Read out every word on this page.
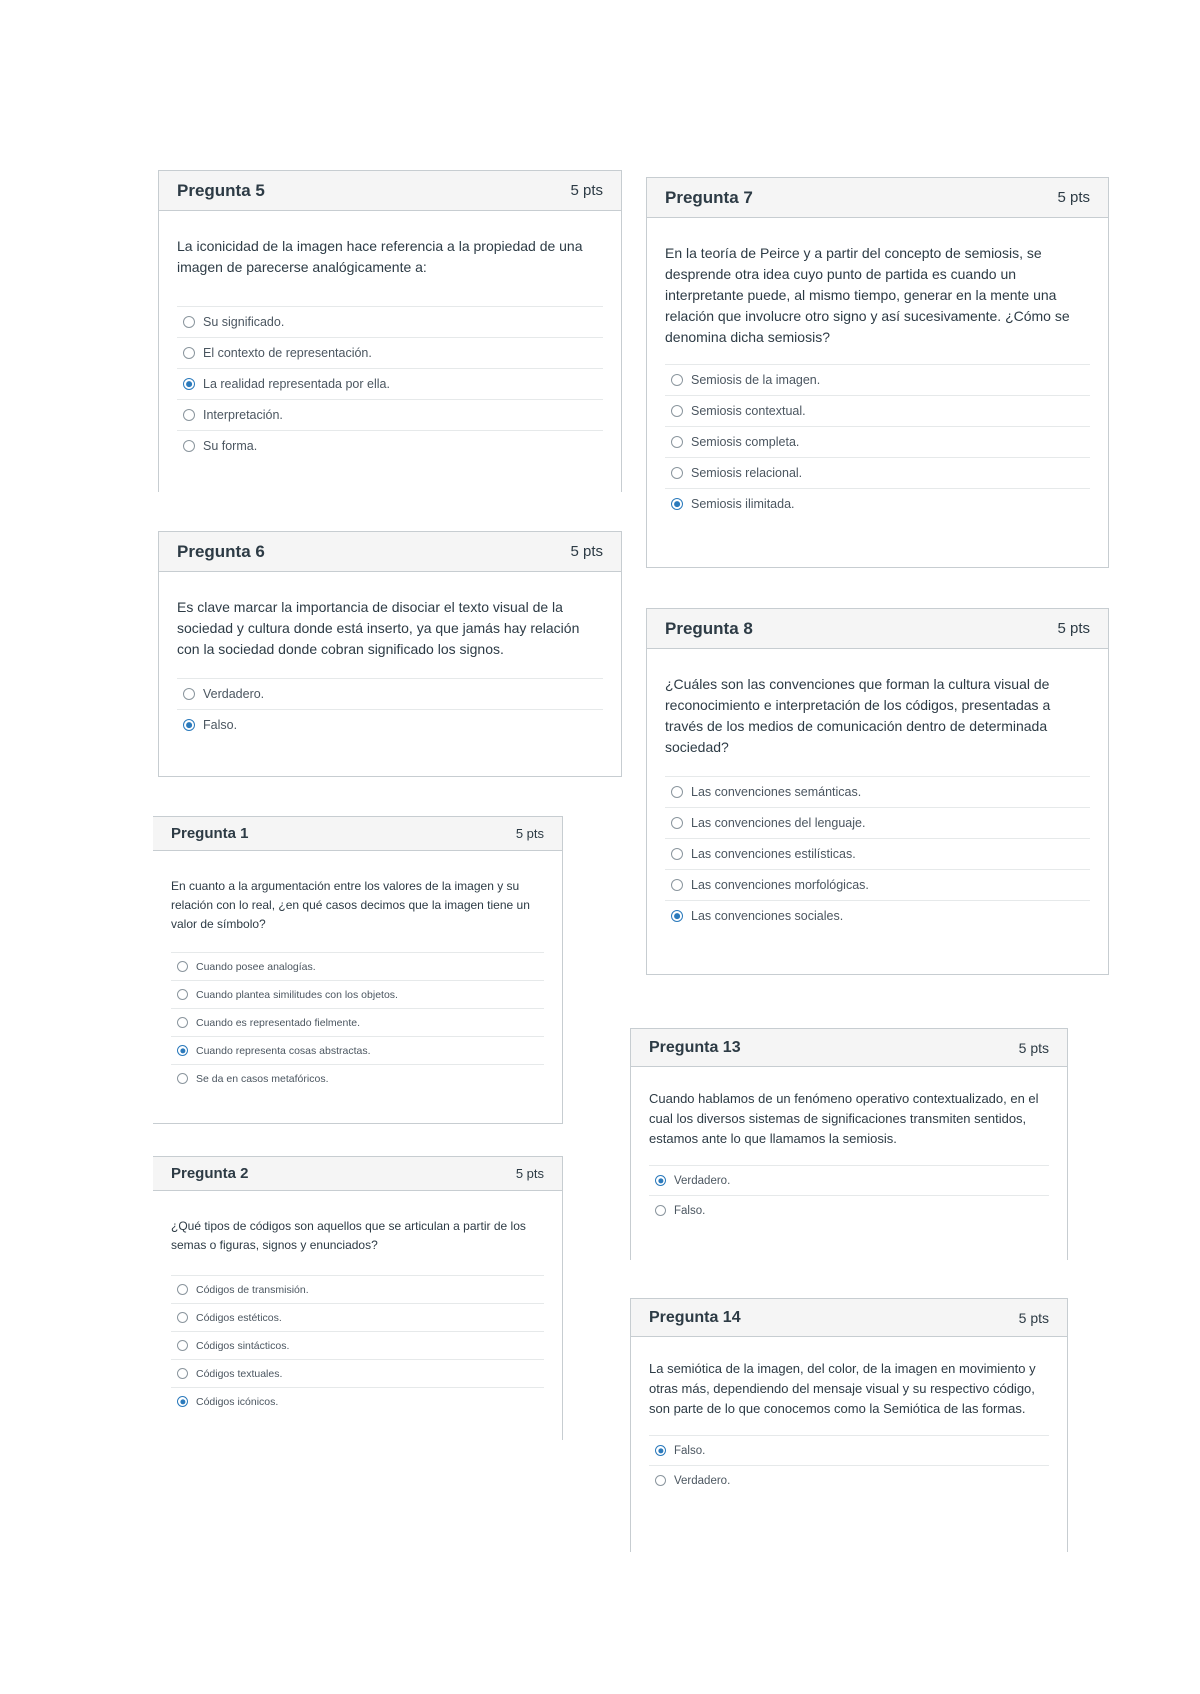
Pregunta 5	5 pts

La iconicidad de la imagen hace referencia a la propiedad de una imagen de parecerse analógicamente a:

Su significado.
El contexto de representación.
La realidad representada por ella.
Interpretación.
Su forma.
Pregunta 6	5 pts

Es clave marcar la importancia de disociar el texto visual de la sociedad y cultura donde está inserto, ya que jamás hay relación con la sociedad donde cobran significado los signos.

Verdadero.
Falso.
Pregunta 1	5 pts

En cuanto a la argumentación entre los valores de la imagen y su relación con lo real, ¿en qué casos decimos que la imagen tiene un valor de símbolo?

Cuando posee analogías.
Cuando plantea similitudes con los objetos.
Cuando es representado fielmente.
Cuando representa cosas abstractas.
Se da en casos metafóricos.
Pregunta 2	5 pts

¿Qué tipos de códigos son aquellos que se articulan a partir de los semas o figuras, signos y enunciados?

Códigos de transmisión.
Códigos estéticos.
Códigos sintácticos.
Códigos textuales.
Códigos icónicos.
Pregunta 7	5 pts

En la teoría de Peirce y a partir del concepto de semiosis, se desprende otra idea cuyo punto de partida es cuando un interpretante puede, al mismo tiempo, generar en la mente una relación que involucre otro signo y así sucesivamente. ¿Cómo se denomina dicha semiosis?

Semiosis de la imagen.
Semiosis contextual.
Semiosis completa.
Semiosis relacional.
Semiosis ilimitada.
Pregunta 8	5 pts

¿Cuáles son las convenciones que forman la cultura visual de reconocimiento e interpretación de los códigos, presentadas a través de los medios de comunicación dentro de determinada sociedad?

Las convenciones semánticas.
Las convenciones del lenguaje.
Las convenciones estilísticas.
Las convenciones morfológicas.
Las convenciones sociales.
Pregunta 13	5 pts

Cuando hablamos de un fenómeno operativo contextualizado, en el cual los diversos sistemas de significaciones transmiten sentidos, estamos ante lo que llamamos la semiosis.

Verdadero.
Falso.
Pregunta 14	5 pts

La semiótica de la imagen, del color, de la imagen en movimiento y otras más, dependiendo del mensaje visual y su respectivo código, son parte de lo que conocemos como la Semiótica de las formas.

Falso.
Verdadero.
